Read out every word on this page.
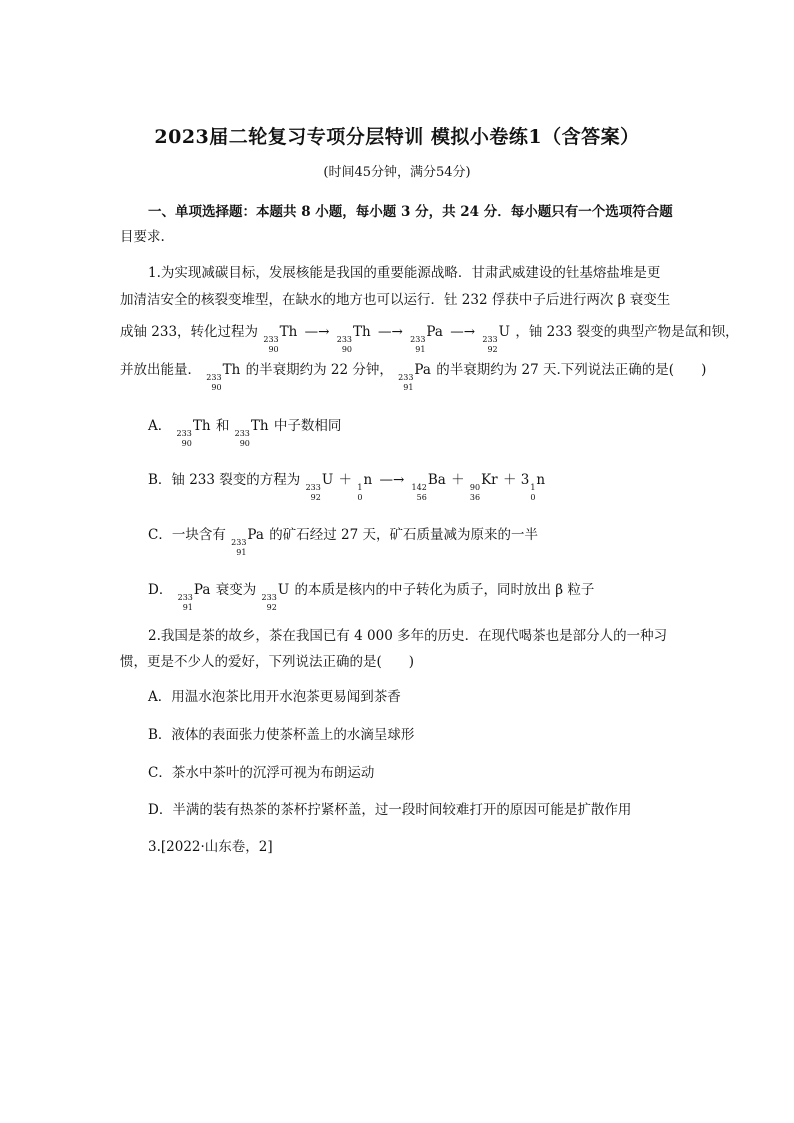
2023届二轮复习专项分层特训 模拟小卷练1（含答案）
(时间45分钟，满分54分)
一、单项选择题：本题共 8 小题，每小题 3 分，共 24 分．每小题只有一个选项符合题
目要求.
1.为实现减碳目标，发展核能是我国的重要能源战略．甘肃武威建设的钍基熔盐堆是更
加清洁安全的核裂变堆型，在缺水的地方也可以运行．钍 232 俘获中子后进行两次 β 衰变生
成铀 233，转化过程为 233
90
Th —→ 233
90
Th —→ 233
91
Pa —→ 233
92
U ，铀 233 裂变的典型产物是氙和钡，
并放出能量． 233
90
Th 的半衰期约为 22 分钟， 233
91
Pa 的半衰期约为 27 天.下列说法正确的是(　　)
A． 233
90
Th 和 233
90
Th 中子数相同
B．铀 233 裂变的方程为 233
92
U ＋ 1
0
n —→ 142
56
Ba ＋ 90
36
Kr ＋ 3 1
0
n
C．一块含有 233
91
Pa 的矿石经过 27 天，矿石质量减为原来的一半
D． 233
91
Pa 衰变为 233
92
U 的本质是核内的中子转化为质子，同时放出 β 粒子
2.我国是茶的故乡，茶在我国已有 4 000 多年的历史．在现代喝茶也是部分人的一种习
惯，更是不少人的爱好，下列说法正确的是(　　)
A．用温水泡茶比用开水泡茶更易闻到茶香
B．液体的表面张力使茶杯盖上的水滴呈球形
C．茶水中茶叶的沉浮可视为布朗运动
D．半满的装有热茶的茶杯拧紧杯盖，过一段时间较难打开的原因可能是扩散作用
3.[2022·山东卷，2]
